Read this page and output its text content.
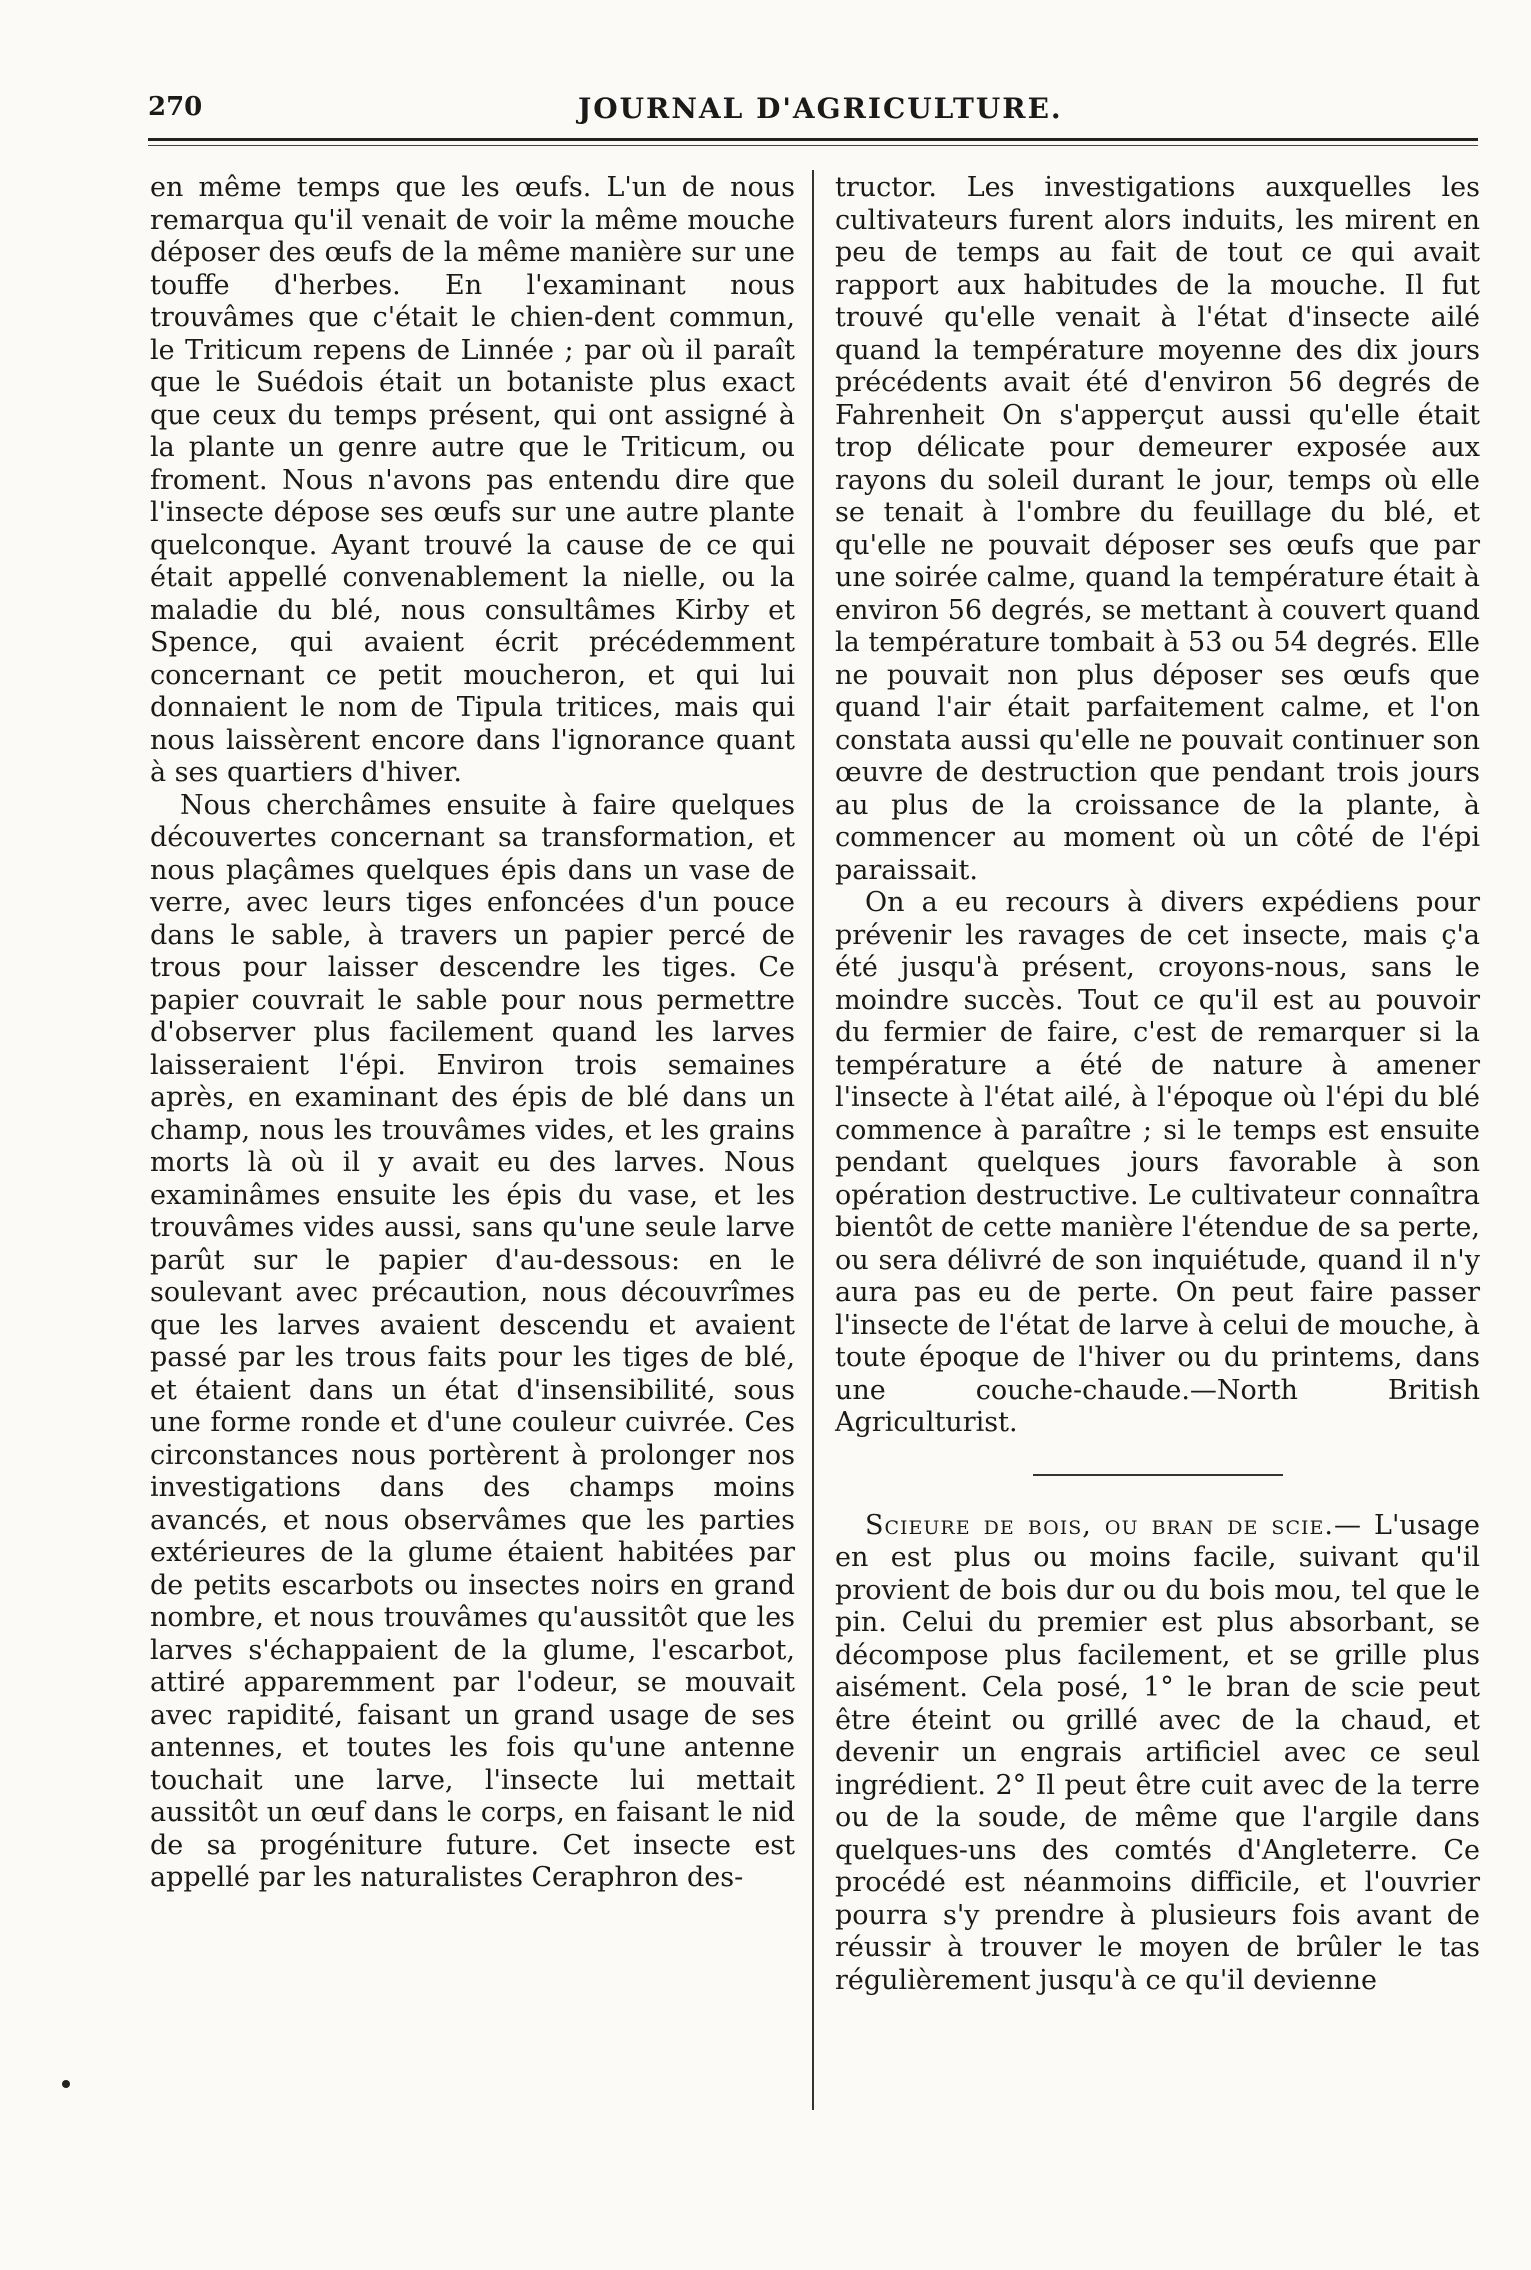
270	JOURNAL D'AGRICULTURE.

en même temps que les œufs. L'un de nous remarqua qu'il venait de voir la même mouche déposer des œufs de la même manière sur une touffe d'herbes. En l'examinant nous trouvâmes que c'était le chien-dent commun, le Triticum repens de Linnée ; par où il paraît que le Suédois était un botaniste plus exact que ceux du temps présent, qui ont assigné à la plante un genre autre que le Triticum, ou froment. Nous n'avons pas entendu dire que l'insecte dépose ses œufs sur une autre plante quelconque. Ayant trouvé la cause de ce qui était appellé convenablement la nielle, ou la maladie du blé, nous consultâmes Kirby et Spence, qui avaient écrit précédemment concernant ce petit moucheron, et qui lui donnaient le nom de Tipula tritices, mais qui nous laissèrent encore dans l'ignorance quant à ses quartiers d'hiver.

Nous cherchâmes ensuite à faire quelques découvertes concernant sa transformation, et nous plaçâmes quelques épis dans un vase de verre, avec leurs tiges enfoncées d'un pouce dans le sable, à travers un papier percé de trous pour laisser descendre les tiges. Ce papier couvrait le sable pour nous permettre d'observer plus facilement quand les larves laisseraient l'épi. Environ trois semaines après, en examinant des épis de blé dans un champ, nous les trouvâmes vides, et les grains morts là où il y avait eu des larves. Nous examinâmes ensuite les épis du vase, et les trouvâmes vides aussi, sans qu'une seule larve parût sur le papier d'au-dessous: en le soulevant avec précaution, nous découvrîmes que les larves avaient descendu et avaient passé par les trous faits pour les tiges de blé, et étaient dans un état d'insensibilité, sous une forme ronde et d'une couleur cuivrée. Ces circonstances nous portèrent à prolonger nos investigations dans des champs moins avancés, et nous observâmes que les parties extérieures de la glume étaient habitées par de petits escarbots ou insectes noirs en grand nombre, et nous trouvâmes qu'aussitôt que les larves s'échappaient de la glume, l'escarbot, attiré apparemment par l'odeur, se mouvait avec rapidité, faisant un grand usage de ses antennes, et toutes les fois qu'une antenne touchait une larve, l'insecte lui mettait aussitôt un œuf dans le corps, en faisant le nid de sa progéniture future. Cet insecte est appellé par les naturalistes Ceraphron des-

tructor. Les investigations auxquelles les cultivateurs furent alors induits, les mirent en peu de temps au fait de tout ce qui avait rapport aux habitudes de la mouche. Il fut trouvé qu'elle venait à l'état d'insecte ailé quand la température moyenne des dix jours précédents avait été d'environ 56 degrés de Fahrenheit On s'apperçut aussi qu'elle était trop délicate pour demeurer exposée aux rayons du soleil durant le jour, temps où elle se tenait à l'ombre du feuillage du blé, et qu'elle ne pouvait déposer ses œufs que par une soirée calme, quand la température était à environ 56 degrés, se mettant à couvert quand la température tombait à 53 ou 54 degrés. Elle ne pouvait non plus déposer ses œufs que quand l'air était parfaitement calme, et l'on constata aussi qu'elle ne pouvait continuer son œuvre de destruction que pendant trois jours au plus de la croissance de la plante, à commencer au moment où un côté de l'épi paraissait.

On a eu recours à divers expédiens pour prévenir les ravages de cet insecte, mais ç'a été jusqu'à présent, croyons-nous, sans le moindre succès. Tout ce qu'il est au pouvoir du fermier de faire, c'est de remarquer si la température a été de nature à amener l'insecte à l'état ailé, à l'époque où l'épi du blé commence à paraître ; si le temps est ensuite pendant quelques jours favorable à son opération destructive. Le cultivateur connaîtra bientôt de cette manière l'étendue de sa perte, ou sera délivré de son inquiétude, quand il n'y aura pas eu de perte. On peut faire passer l'insecte de l'état de larve à celui de mouche, à toute époque de l'hiver ou du printems, dans une couche-chaude.—North British Agriculturist.

Scieure de bois, ou bran de scie.— L'usage en est plus ou moins facile, suivant qu'il provient de bois dur ou du bois mou, tel que le pin. Celui du premier est plus absorbant, se décompose plus facilement, et se grille plus aisément. Cela posé, 1° le bran de scie peut être éteint ou grillé avec de la chaud, et devenir un engrais artificiel avec ce seul ingrédient. 2° Il peut être cuit avec de la terre ou de la soude, de même que l'argile dans quelques-uns des comtés d'Angleterre. Ce procédé est néanmoins difficile, et l'ouvrier pourra s'y prendre à plusieurs fois avant de réussir à trouver le moyen de brûler le tas régulièrement jusqu'à ce qu'il devienne
